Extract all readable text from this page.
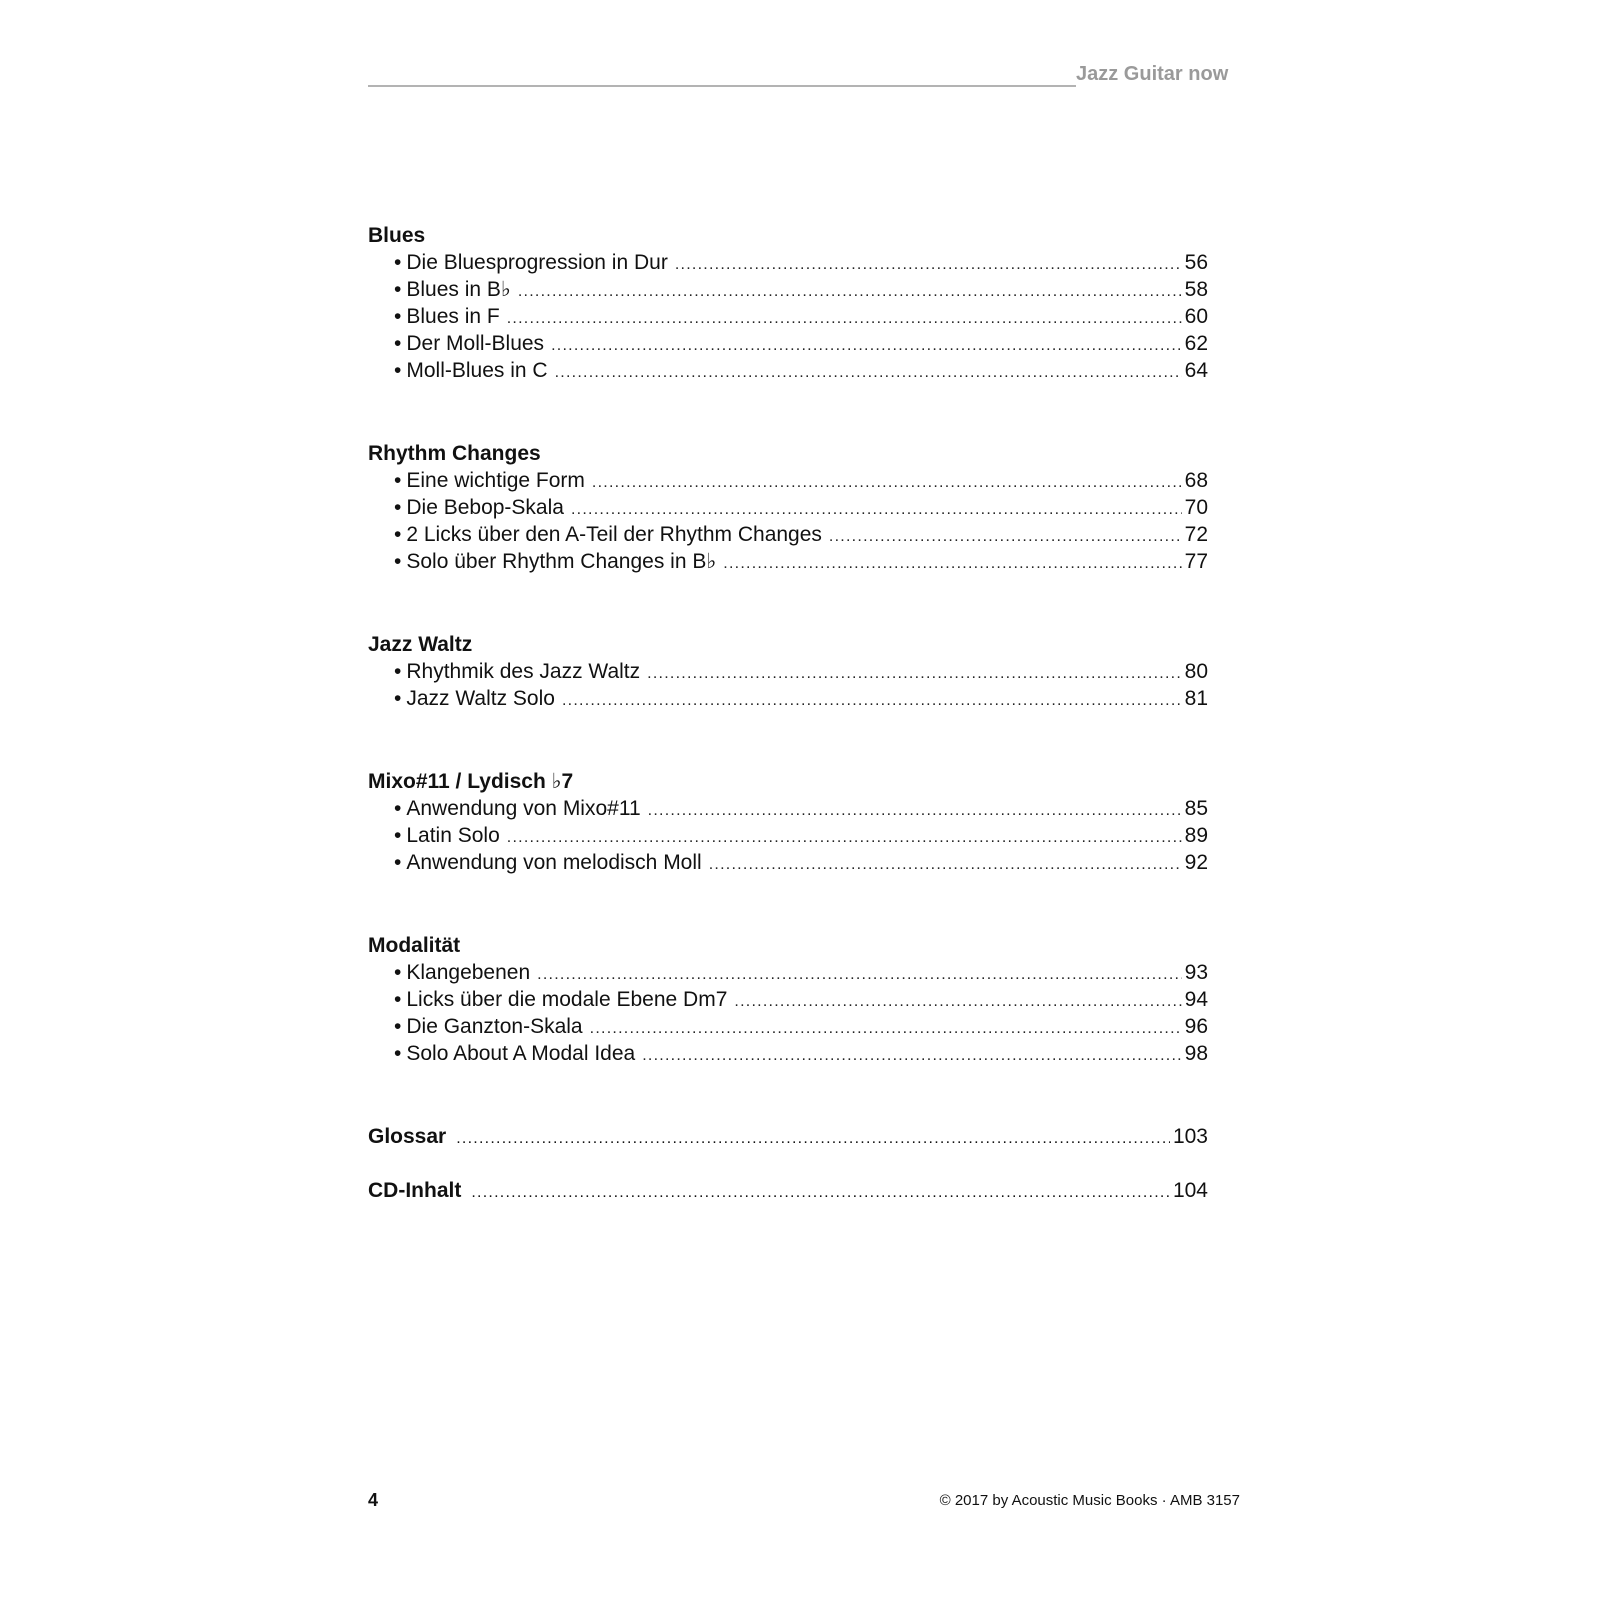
Jazz Guitar now
Blues
• Die Bluesprogression in Dur . . .	56
• Blues in B♭ . . .	58
• Blues in F . . .	60
• Der Moll-Blues . . .	62
• Moll-Blues in C . . .	64
Rhythm Changes
• Eine wichtige Form . . .	68
• Die Bebop-Skala . . .	70
• 2 Licks über den A-Teil der Rhythm Changes . . .	72
• Solo über Rhythm Changes in B♭ . . .	77
Jazz Waltz
• Rhythmik des Jazz Waltz . . .	80
• Jazz Waltz Solo . . .	81
Mixo#11 / Lydisch ♭7
• Anwendung von Mixo#11 . . .	85
• Latin Solo . . .	89
• Anwendung von melodisch Moll . . .	92
Modalität
• Klangebenen . . .	93
• Licks über die modale Ebene Dm7 . . .	94
• Die Ganzton-Skala . . .	96
• Solo About A Modal Idea . . .	98
Glossar . . .	103
CD-Inhalt . . .	104
4	© 2017 by Acoustic Music Books · AMB 3157
